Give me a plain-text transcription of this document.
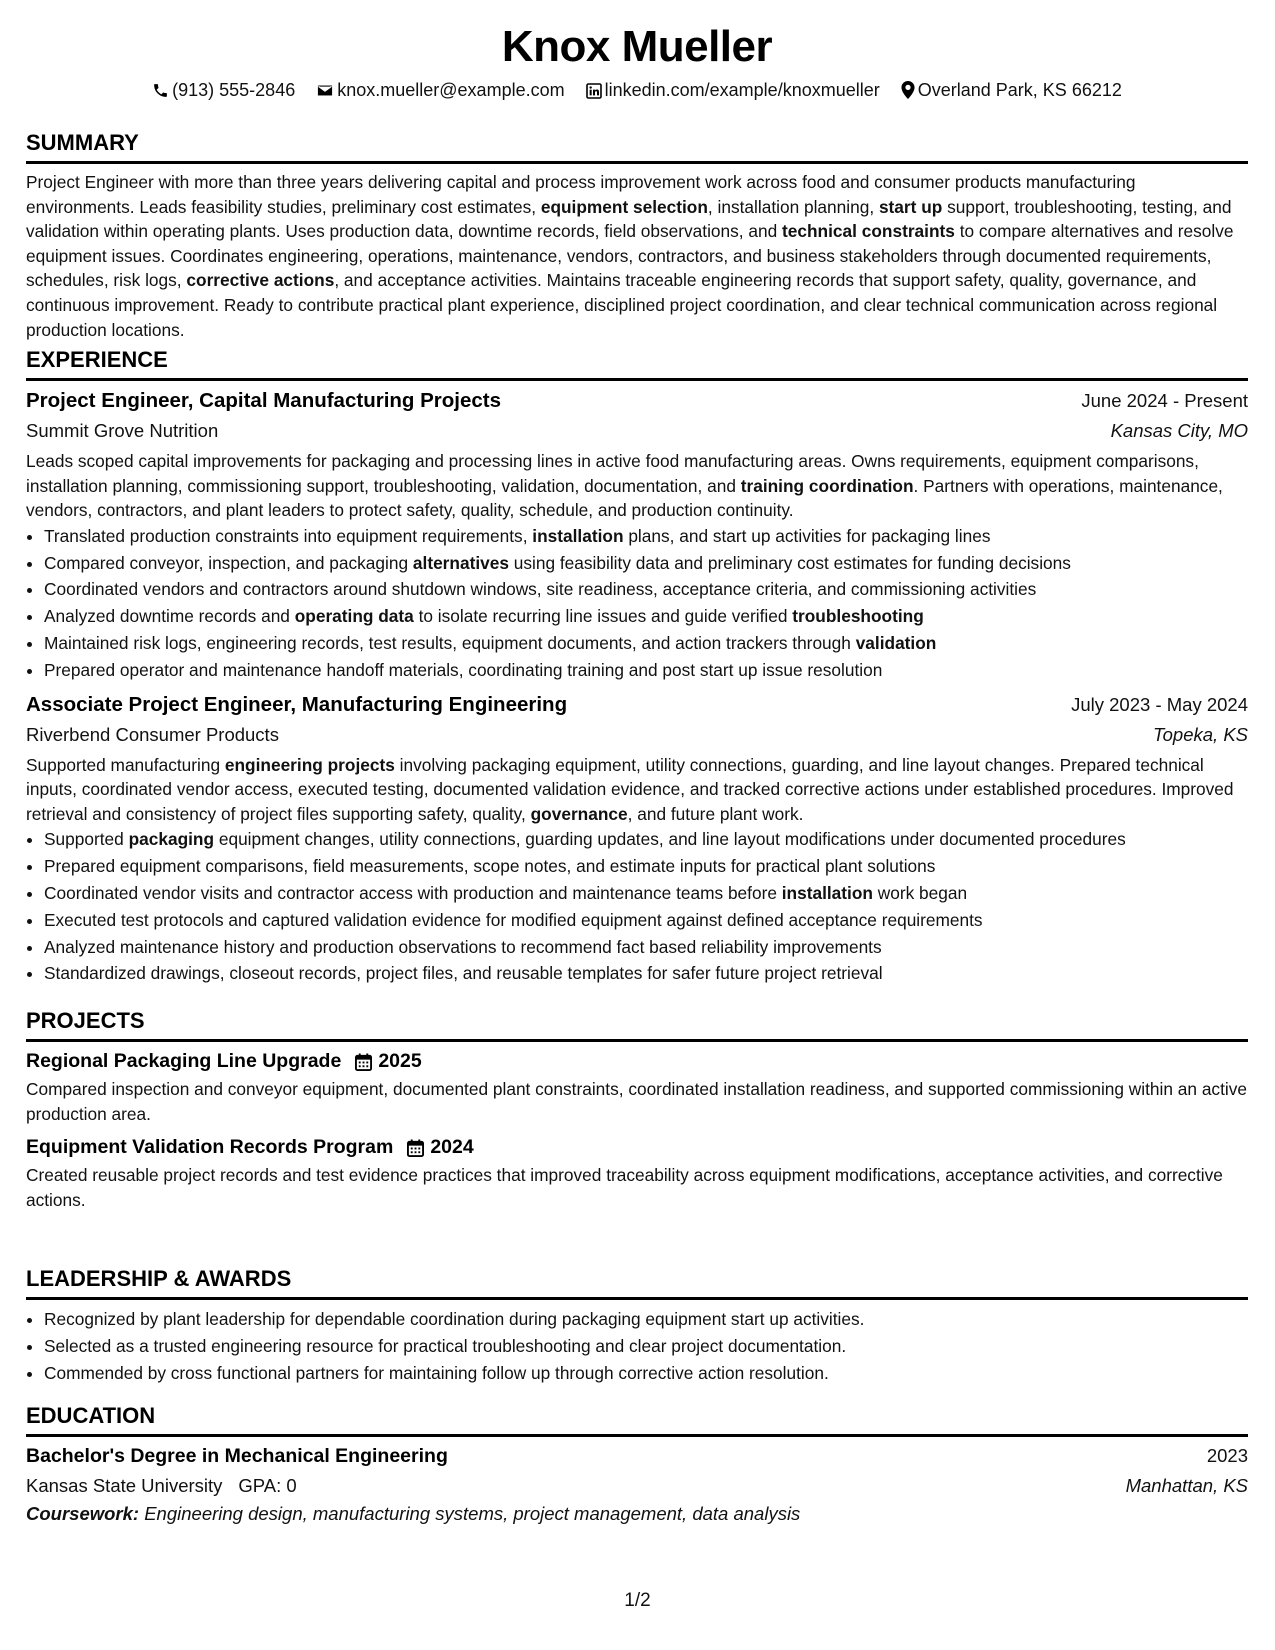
Knox Mueller
(913) 555-2846 knox.mueller@example.com linkedin.com/example/knoxmueller Overland Park, KS 66212
SUMMARY
Project Engineer with more than three years delivering capital and process improvement work across food and consumer products manufacturing environments. Leads feasibility studies, preliminary cost estimates, equipment selection, installation planning, start up support, troubleshooting, testing, and validation within operating plants. Uses production data, downtime records, field observations, and technical constraints to compare alternatives and resolve equipment issues. Coordinates engineering, operations, maintenance, vendors, contractors, and business stakeholders through documented requirements, schedules, risk logs, corrective actions, and acceptance activities. Maintains traceable engineering records that support safety, quality, governance, and continuous improvement. Ready to contribute practical plant experience, disciplined project coordination, and clear technical communication across regional production locations.
EXPERIENCE
Project Engineer, Capital Manufacturing Projects	June 2024 - Present
Summit Grove Nutrition	Kansas City, MO
Leads scoped capital improvements for packaging and processing lines in active food manufacturing areas. Owns requirements, equipment comparisons, installation planning, commissioning support, troubleshooting, validation, documentation, and training coordination. Partners with operations, maintenance, vendors, contractors, and plant leaders to protect safety, quality, schedule, and production continuity.
• Translated production constraints into equipment requirements, installation plans, and start up activities for packaging lines
• Compared conveyor, inspection, and packaging alternatives using feasibility data and preliminary cost estimates for funding decisions
• Coordinated vendors and contractors around shutdown windows, site readiness, acceptance criteria, and commissioning activities
• Analyzed downtime records and operating data to isolate recurring line issues and guide verified troubleshooting
• Maintained risk logs, engineering records, test results, equipment documents, and action trackers through validation
• Prepared operator and maintenance handoff materials, coordinating training and post start up issue resolution
Associate Project Engineer, Manufacturing Engineering	July 2023 - May 2024
Riverbend Consumer Products	Topeka, KS
Supported manufacturing engineering projects involving packaging equipment, utility connections, guarding, and line layout changes. Prepared technical inputs, coordinated vendor access, executed testing, documented validation evidence, and tracked corrective actions under established procedures. Improved retrieval and consistency of project files supporting safety, quality, governance, and future plant work.
• Supported packaging equipment changes, utility connections, guarding updates, and line layout modifications under documented procedures
• Prepared equipment comparisons, field measurements, scope notes, and estimate inputs for practical plant solutions
• Coordinated vendor visits and contractor access with production and maintenance teams before installation work began
• Executed test protocols and captured validation evidence for modified equipment against defined acceptance requirements
• Analyzed maintenance history and production observations to recommend fact based reliability improvements
• Standardized drawings, closeout records, project files, and reusable templates for safer future project retrieval
PROJECTS
Regional Packaging Line Upgrade 2025
Compared inspection and conveyor equipment, documented plant constraints, coordinated installation readiness, and supported commissioning within an active production area.
Equipment Validation Records Program 2024
Created reusable project records and test evidence practices that improved traceability across equipment modifications, acceptance activities, and corrective actions.
LEADERSHIP & AWARDS
• Recognized by plant leadership for dependable coordination during packaging equipment start up activities.
• Selected as a trusted engineering resource for practical troubleshooting and clear project documentation.
• Commended by cross functional partners for maintaining follow up through corrective action resolution.
EDUCATION
Bachelor's Degree in Mechanical Engineering	2023
Kansas State University GPA: 0	Manhattan, KS
Coursework: Engineering design, manufacturing systems, project management, data analysis
1/2
